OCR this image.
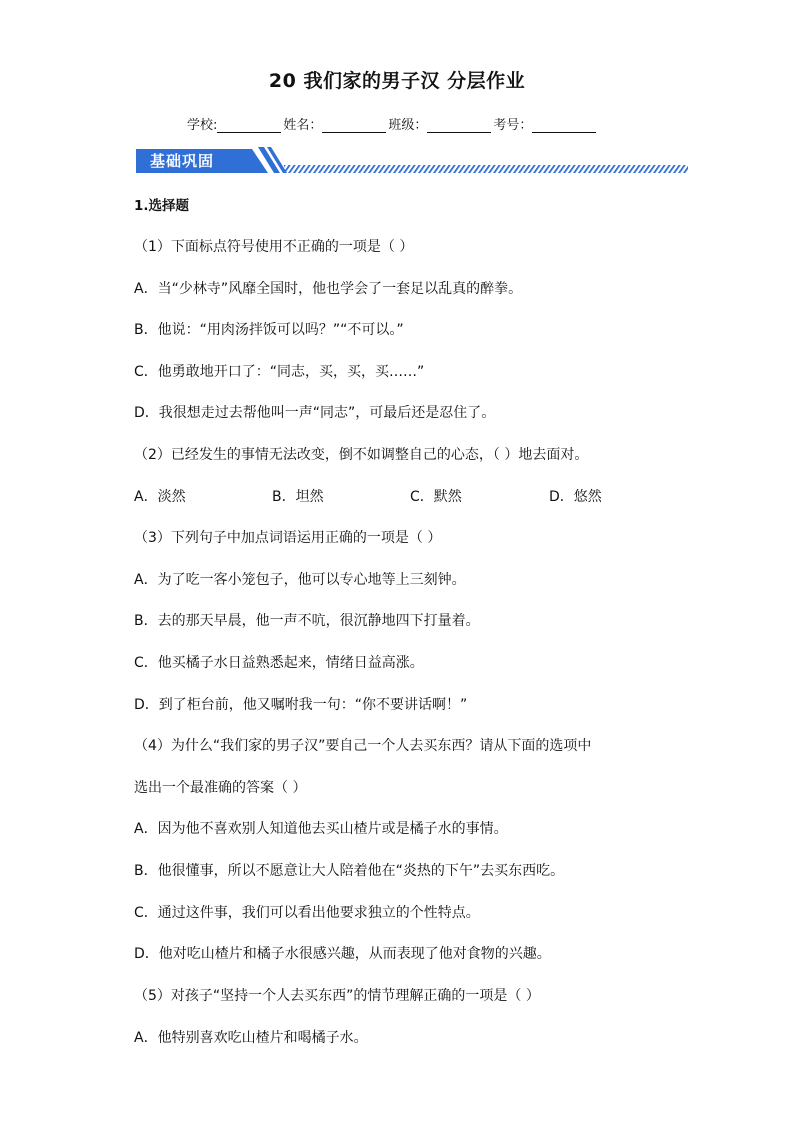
20 我们家的男子汉 分层作业
学校:	姓名：	班级：	考号：
基础巩固
1.选择题
（1）下面标点符号使用不正确的一项是（ ）
A．当“少林寺”风靡全国时，他也学会了一套足以乱真的醉拳。
B．他说：“用肉汤拌饭可以吗？”“不可以。”
C．他勇敢地开口了：“同志，买，买，买……”
D．我很想走过去帮他叫一声“同志”，可最后还是忍住了。
（2）已经发生的事情无法改变，倒不如调整自己的心态，（ ）地去面对。
A．淡然	B．坦然	C．默然	D．悠然
（3）下列句子中加点词语运用正确的一项是（ ）
A．为了吃一客小笼包子，他可以专心地等上三刻钟。
B．去的那天早晨，他一声不吭，很沉静地四下打量着。
C．他买橘子水日益熟悉起来，情绪日益高涨。
D．到了柜台前，他又嘱咐我一句：“你不要讲话啊！”
（4）为什么“我们家的男子汉”要自己一个人去买东西？请从下面的选项中
选出一个最准确的答案（ ）
A．因为他不喜欢别人知道他去买山楂片或是橘子水的事情。
B．他很懂事，所以不愿意让大人陪着他在“炎热的下午”去买东西吃。
C．通过这件事，我们可以看出他要求独立的个性特点。
D．他对吃山楂片和橘子水很感兴趣，从而表现了他对食物的兴趣。
（5）对孩子“坚持一个人去买东西”的情节理解正确的一项是（ ）
A．他特别喜欢吃山楂片和喝橘子水。
